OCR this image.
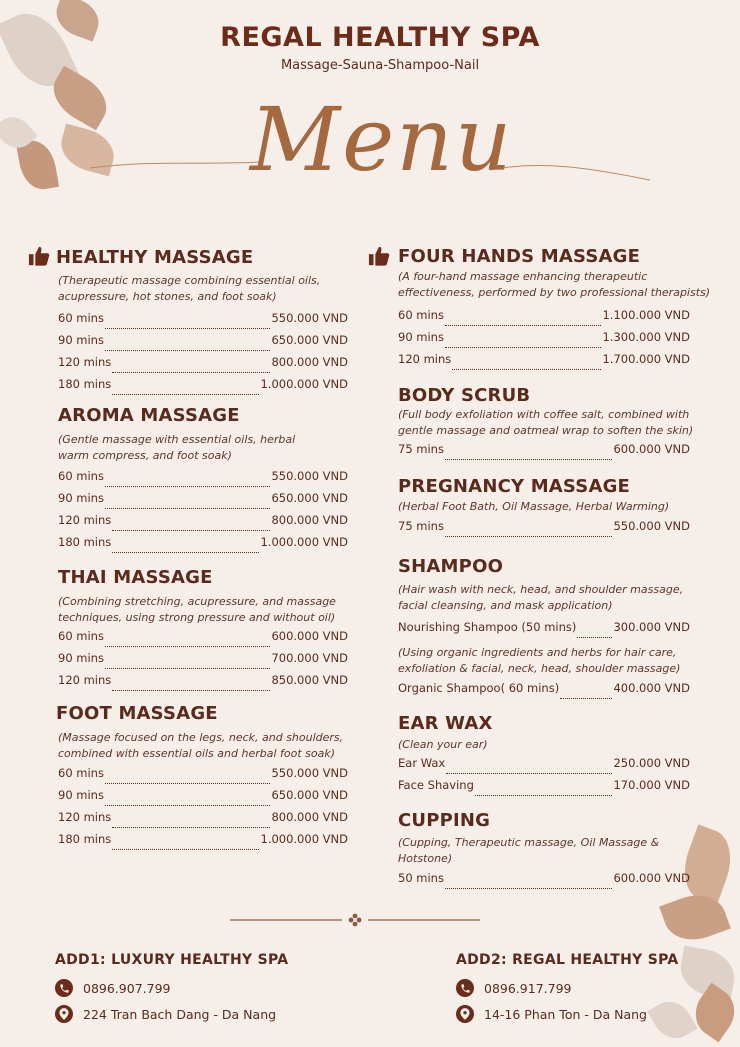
REGAL HEALTHY SPA
Massage-Sauna-Shampoo-Nail
Menu
HEALTHY MASSAGE
(Therapeutic massage combining essential oils,
acupressure, hot stones, and foot soak)
60 mins	550.000 VND
90 mins	650.000 VND
120 mins	800.000 VND
180 mins	1.000.000 VND
AROMA MASSAGE
(Gentle massage with essential oils, herbal
warm compress, and foot soak)
60 mins	550.000 VND
90 mins	650.000 VND
120 mins	800.000 VND
180 mins	1.000.000 VND
THAI MASSAGE
(Combining stretching, acupressure, and massage
techniques, using strong pressure and without oil)
60 mins	600.000 VND
90 mins	700.000 VND
120 mins	850.000 VND
FOOT MASSAGE
(Massage focused on the legs, neck, and shoulders,
combined with essential oils and herbal foot soak)
60 mins	550.000 VND
90 mins	650.000 VND
120 mins	800.000 VND
180 mins	1.000.000 VND
FOUR HANDS MASSAGE
(A four-hand massage enhancing therapeutic
effectiveness, performed by two professional therapists)
60 mins	1.100.000 VND
90 mins	1.300.000 VND
120 mins	1.700.000 VND
BODY SCRUB
(Full body exfoliation with coffee salt, combined with
gentle massage and oatmeal wrap to soften the skin)
75 mins	600.000 VND
PREGNANCY MASSAGE
(Herbal Foot Bath, Oil Massage, Herbal Warming)
75 mins	550.000 VND
SHAMPOO
(Hair wash with neck, head, and shoulder massage,
facial cleansing, and mask application)
Nourishing Shampoo (50 mins)	300.000 VND
(Using organic ingredients and herbs for hair care,
exfoliation & facial, neck, head, shoulder massage)
Organic Shampoo( 60 mins)	400.000 VND
EAR WAX
(Clean your ear)
Ear Wax	250.000 VND
Face Shaving	170.000 VND
CUPPING
(Cupping, Therapeutic massage, Oil Massage &
Hotstone)
50 mins	600.000 VND
ADD1: LUXURY HEALTHY SPA
0896.907.799
224 Tran Bach Dang - Da Nang
ADD2: REGAL HEALTHY SPA
0896.917.799
14-16 Phan Ton - Da Nang
